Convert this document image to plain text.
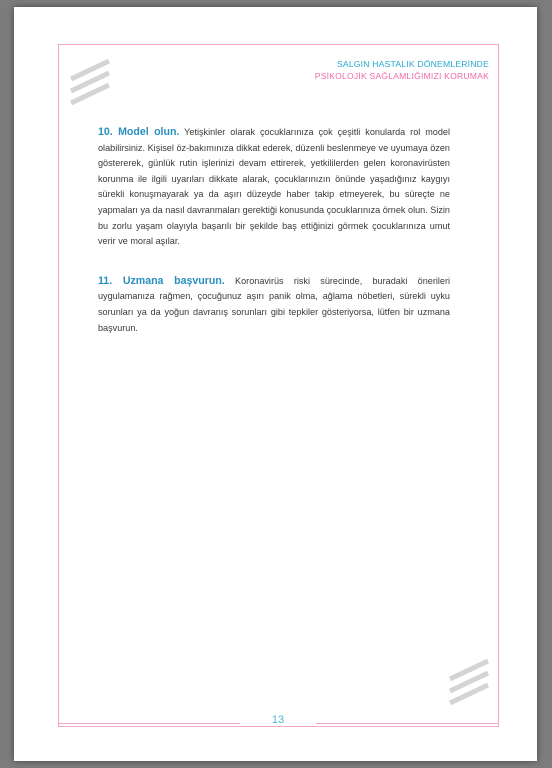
SALGIN HASTALIK DÖNEMLERİNDE
PSİKOLOJİK SAĞLAMLIĞIMIZI KORUMAK

10. Model olun. Yetişkinler olarak çocuklarınıza çok çeşitli konularda rol model olabilirsiniz. Kişisel öz-bakımınıza dikkat ederek, düzenli beslenmeye ve uyumaya özen göstererek, günlük rutin işlerinizi devam ettirerek, yetkililerden gelen koronavirüsten korunma ile ilgili uyarıları dikkate alarak, çocuklarınızın önünde yaşadığınız kaygıyı sürekli konuşmayarak ya da aşırı düzeyde haber takip etmeyerek, bu süreçte ne yapmaları ya da nasıl davranmaları gerektiği konusunda çocuklarınıza örnek olun. Sizin bu zorlu yaşam olayıyla başarılı bir şekilde baş ettiğinizi görmek çocuklarınıza umut verir ve moral aşılar.

11. Uzmana başvurun. Koronavirüs riski sürecinde, buradaki önerileri uygulamanıza rağmen, çocuğunuz aşırı panik olma, ağlama nöbetleri, sürekli uyku sorunları ya da yoğun davranış sorunları gibi tepkiler gösteriyorsa, lütfen bir uzmana başvurun.

13
